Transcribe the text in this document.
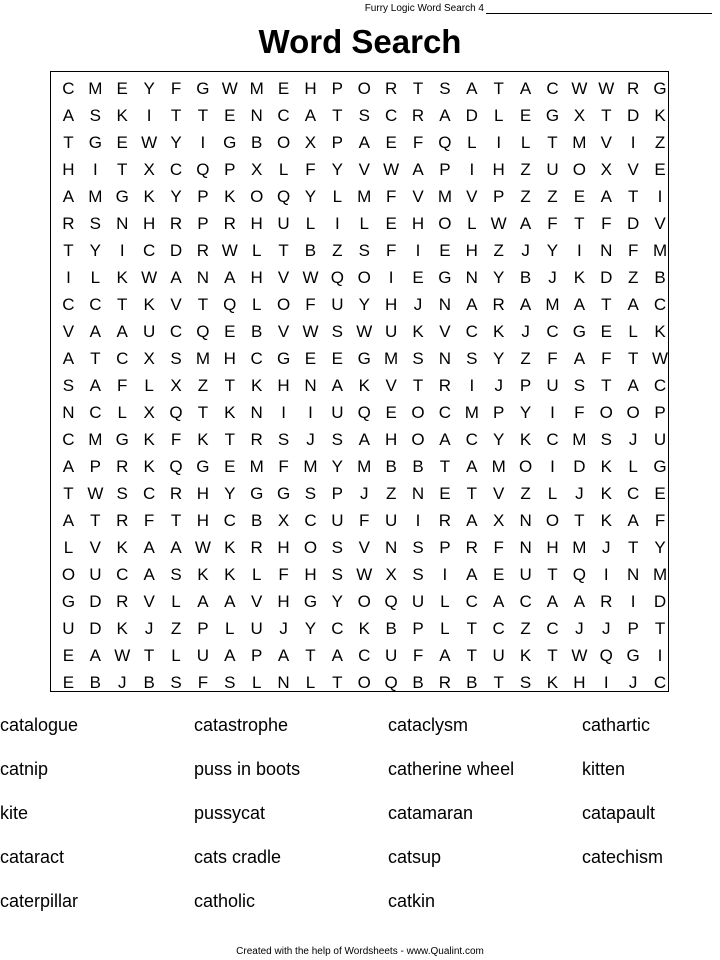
Furry Logic Word Search 4
Word Search
C M E Y F G W M E H P O R T S A T A C W W R G
A S K	I	T T E N C A T S C R A D L E G X T D K
T G E W Y	I	G B O X P A E F Q L	I	L T M V	I	Z
H	I	T X C Q P X L F Y V W A P	I	H Z U O X V E
A M G K Y P K O Q Y L M F V M V P Z Z E A T	I
R S N H R P R H U L	I	L E H O L W A F T F D V
T Y	I	C D R W L T B Z S F	I	E H Z	J Y	I	N F M
I	L K W A N A H V W Q O	I	E G N Y B J K D Z B
C C T K V T Q L O F U Y H J N A R A M A T A C
V A A U C Q E B V W S W U K V C K J C G E L K
A T C X S M H C G E E G M S N S Y Z F A F T W
S A F L X Z T K H N A K V T R	I	J P U S T A C
N C L X Q T K N	I	I	U Q E O C M P Y	I	F O O P
C M G K F K T R S J S A H O A C Y K C M S J U
A P R K Q G E M F M Y M B B T A M O	I	D K L G
T W S C R H Y G G S P J	Z N E T V Z L	J K C E
A T R F T H C B X C U F U	I	R A X N O T K A F
L V K A A W K R H O S V N S P R F N H M J	T Y
O U C A S K K L F H S W X S	I	A E U T Q	I	N M
G D R V L A A V H G Y O Q U L C A C A A R	I	D
U D K J	Z P L U J Y C K B P L T C Z C J	J P T
E A W T L U A P A T A C U F A T U K T W Q G	I
E B J B S F S L N L T O Q B R B T S K H	I	J C
catalogue	catastrophe	cataclysm	cathartic
catnip	puss in boots	catherine wheel	kitten
kite	pussycat	catamaran	catapault
cataract	cats cradle	catsup	catechism
caterpillar	catholic	catkin
Created with the help of Wordsheets - www.Qualint.com
